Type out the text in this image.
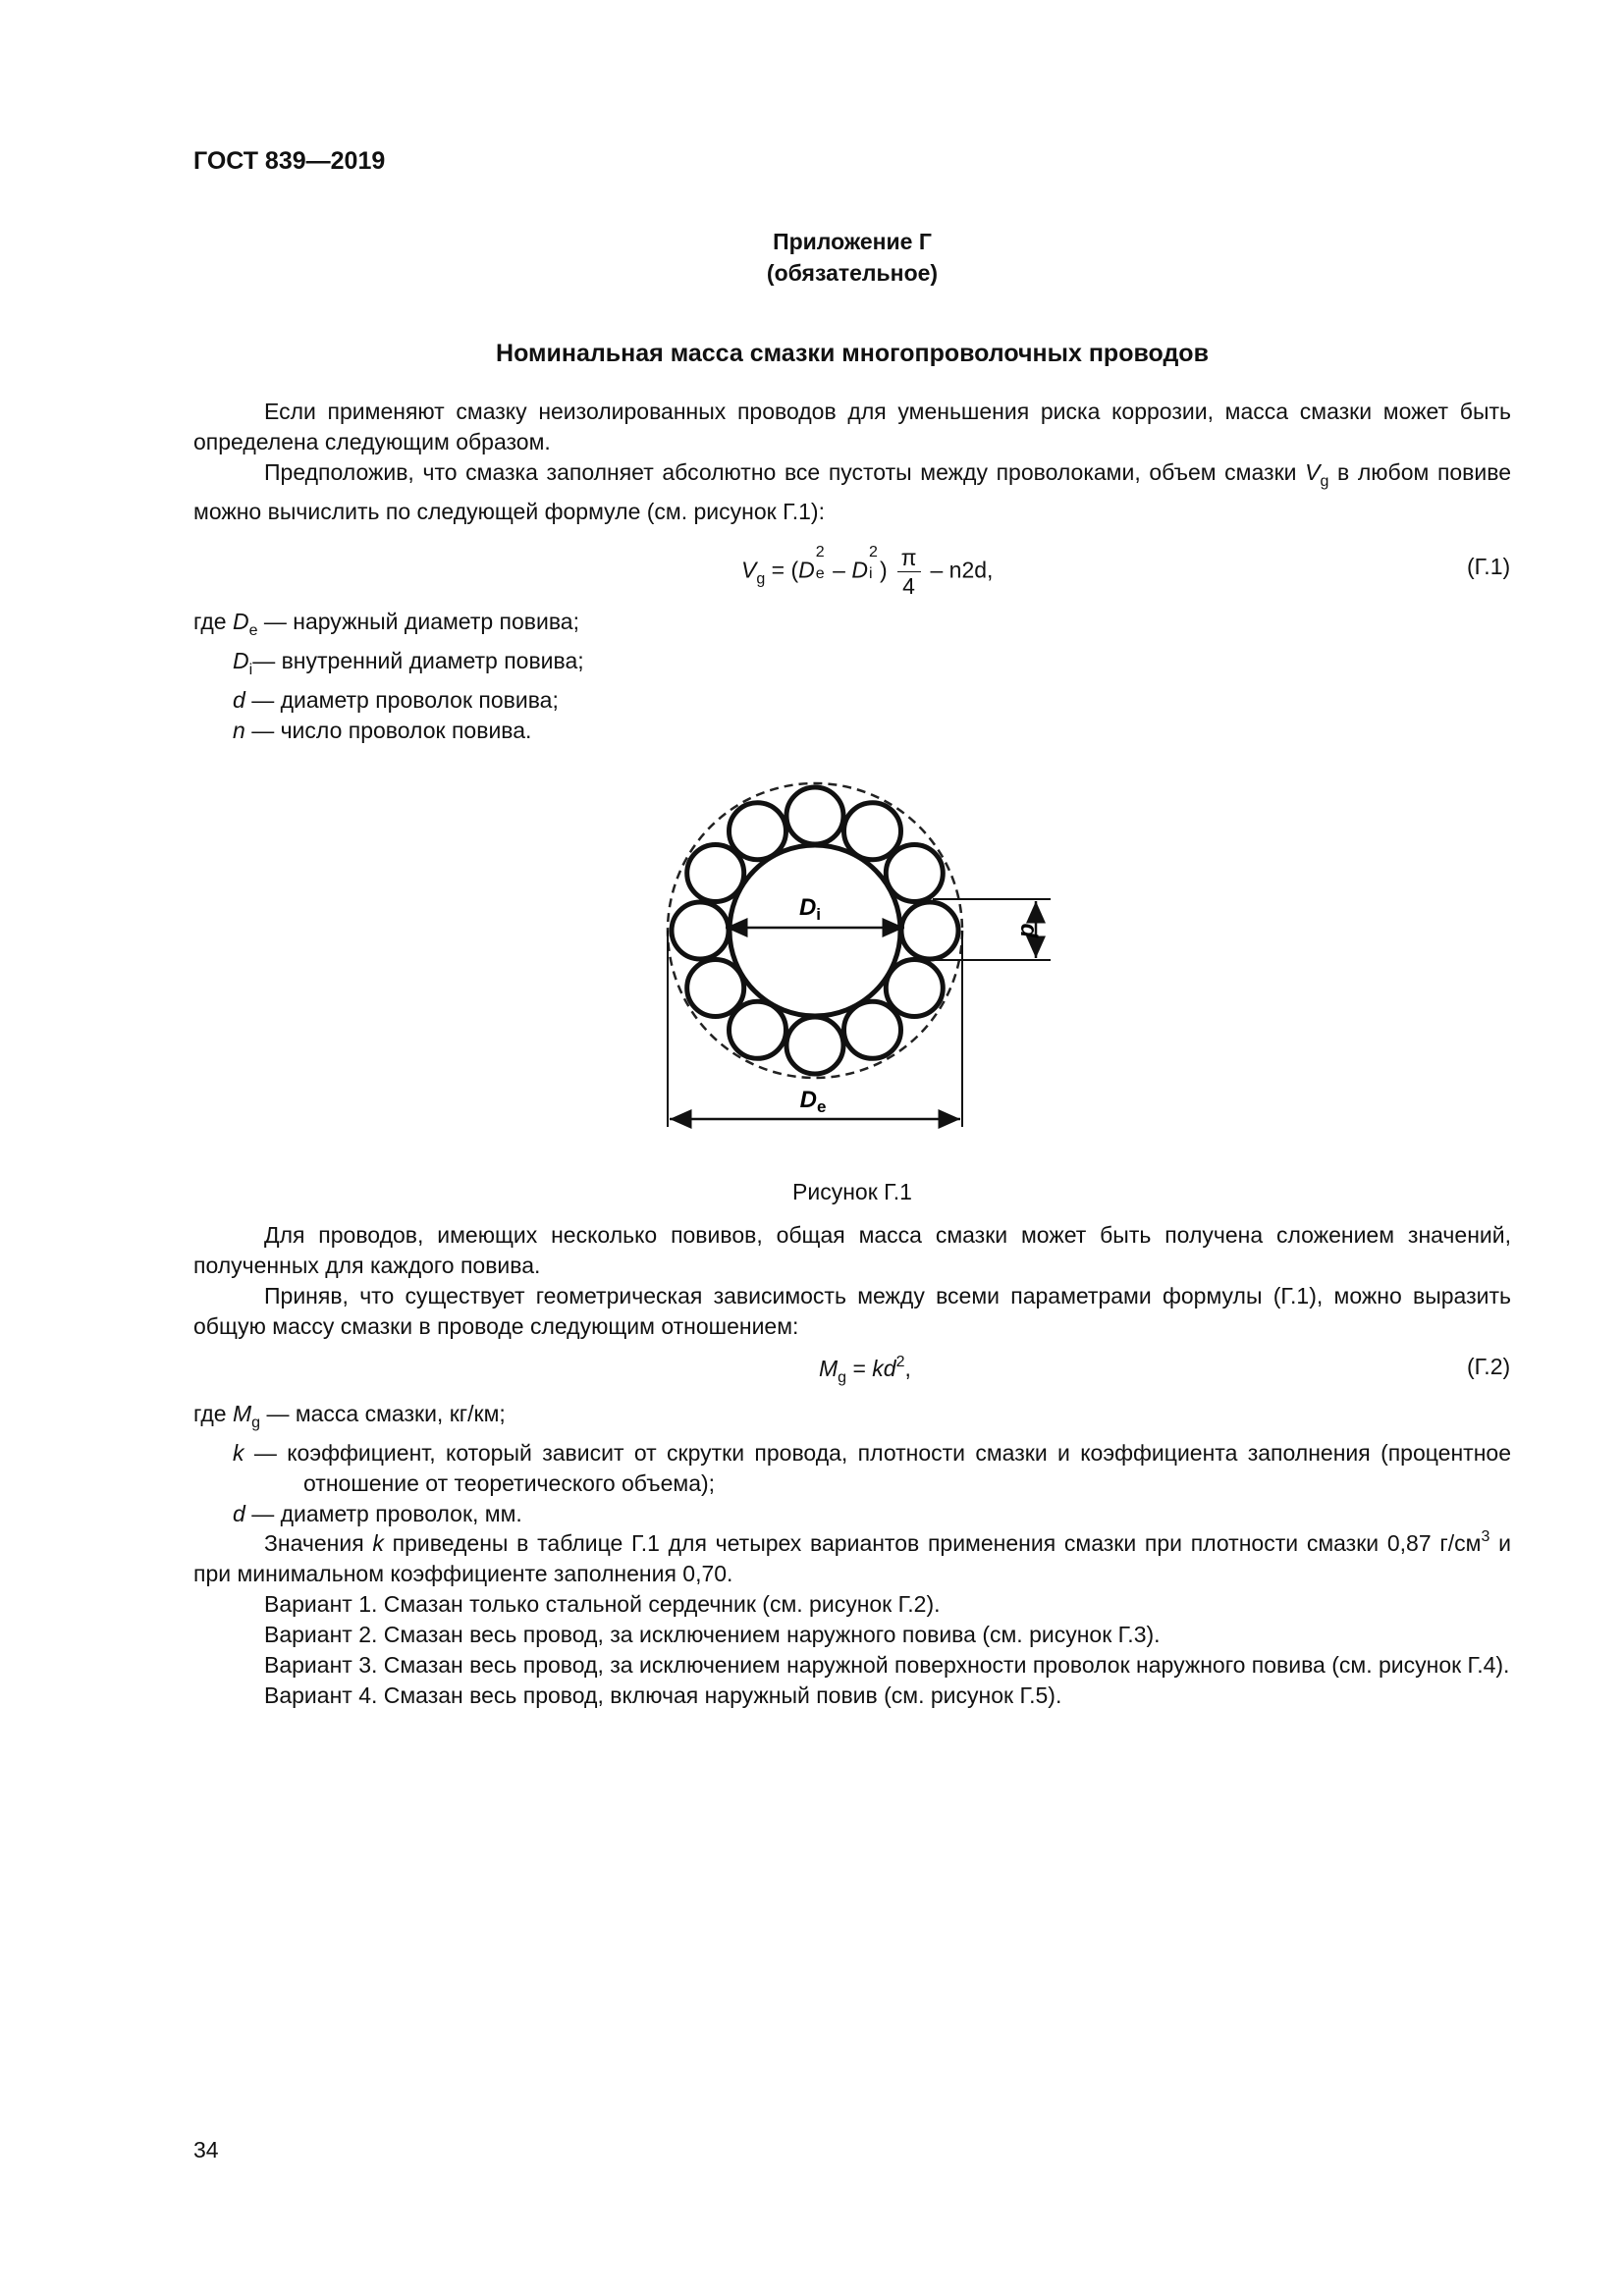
ГОСТ 839—2019
Приложение Г
(обязательное)
Номинальная масса смазки многопроволочных проводов

Если применяют смазку неизолированных проводов для уменьшения риска коррозии, масса смазки может быть определена следующим образом.

Предположив, что смазка заполняет абсолютно все пустоты между проволоками, объем смазки $V_g$ в любом повиве можно вычислить по следующей формуле (см. рисунок Г.1):

$V_g = (D$
2
e – D
2
i ) $\frac{\pi}{4} - n2d$,	(Г.1)
где $D_e$ — наружный диаметр повива;
$D_i—$ внутренний диаметр повива;
d — диаметр проволок повива;
n — число проволок повива.
$D_i$
$D_e$
d
Рисунок Г.1

Для проводов, имеющих несколько повивов, общая масса смазки может быть получена сложением значений, полученных для каждого повива.

Приняв, что существует геометрическая зависимость между всеми параметрами формулы (Г.1), можно выразить общую массу смазки в проводе следующим отношением:

$M_g = kd^2$,	(Г.2)
где $M_g$ — масса смазки, кг/км;
k — коэффициент, который зависит от скрутки провода, плотности смазки и коэффициента заполнения (процентное отношение от теоретического объема);
d — диаметр проволок, мм.

Значения k приведены в таблице Г.1 для четырех вариантов применения смазки при плотности смазки 0,87 $г/см^3$ и при минимальном коэффициенте заполнения 0,70.

Вариант 1. Смазан только стальной сердечник (см. рисунок Г.2).

Вариант 2. Смазан весь провод, за исключением наружного повива (см. рисунок Г.3).

Вариант 3. Смазан весь провод, за исключением наружной поверхности проволок наружного повива (см. рисунок Г.4).

Вариант 4. Смазан весь провод, включая наружный повив (см. рисунок Г.5).

34
